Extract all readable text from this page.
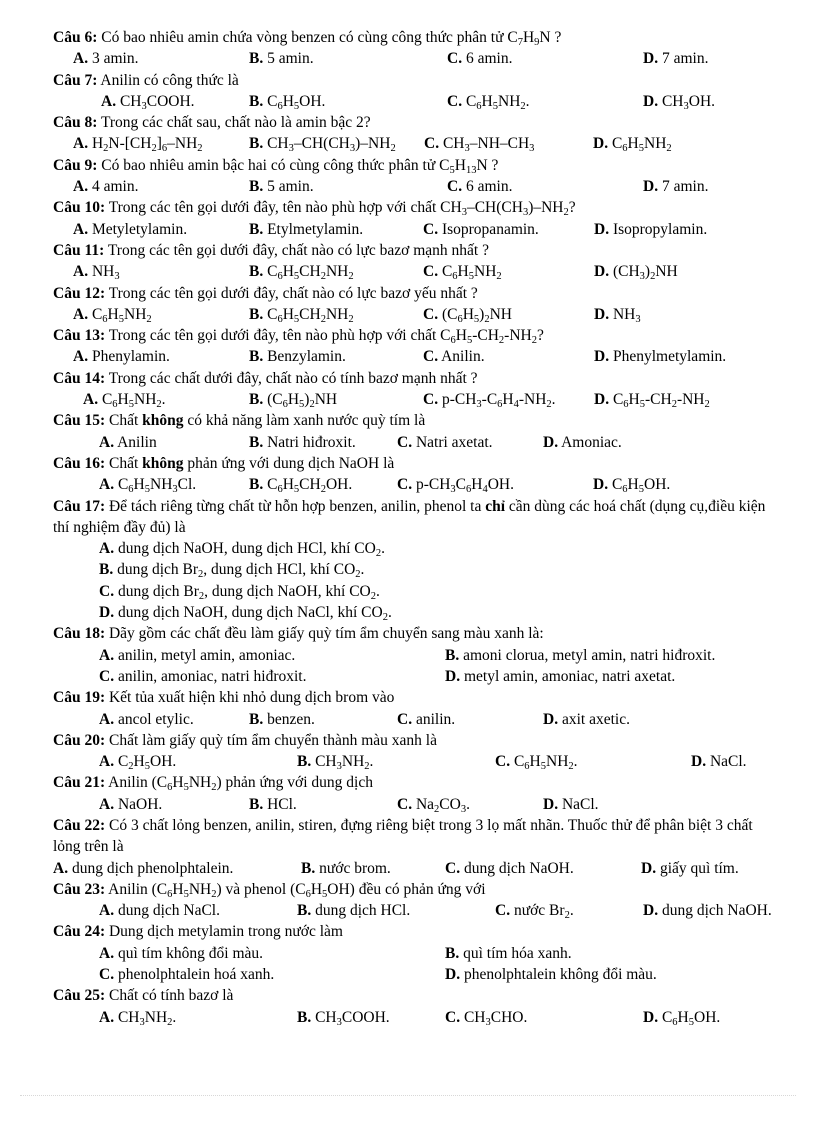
Câu 6: Có bao nhiêu amin chứa vòng benzen có cùng công thức phân tử $C_7H_9N$ ?
A. 3 amin.	B. 5 amin.	C. 6 amin.	D. 7 amin.
Câu 7: Anilin có công thức là
A. $CH_3COOH$.	B. $C_6H_5OH$.	C. $C_6H_5NH_2$.	D. $CH_3OH$.
Câu 8: Trong các chất sau, chất nào là amin bậc 2?
A. $H_2N-[CH_2]_6-NH_2$	B. $CH_3-CH(CH_3)-NH_2$ C. $CH_3-NH-CH_3$	D. $C_6H_5NH_2$
Câu 9: Có bao nhiêu amin bậc hai có cùng công thức phân tử $C_5H_{13}N$ ?
A. 4 amin.	B. 5 amin.	C. 6 amin.	D. 7 amin.
Câu 10: Trong các tên gọi dưới đây, tên nào phù hợp với chất $CH_3-CH(CH_3)-NH_2$?
A. Metyletylamin.	B. Etylmetylamin.	C. Isopropanamin.	D. Isopropylamin.
Câu 11: Trong các tên gọi dưới đây, chất nào có lực bazơ mạnh nhất ?
A. $NH_3$	B. $C_6H_5CH_2NH_2$	C. $C_6H_5NH_2$	D. $(CH_3)_2NH$
Câu 12: Trong các tên gọi dưới đây, chất nào có lực bazơ yếu nhất ?
A. $C_6H_5NH_2$	B. $C_6H_5CH_2NH_2$	C. $(C_6H_5)_2NH$	D. $NH_3$
Câu 13: Trong các tên gọi dưới đây, tên nào phù hợp với chất $C_6H_5-CH_2-NH_2$?
A. Phenylamin.	B. Benzylamin.	C. Anilin.	D. Phenylmetylamin.
Câu 14: Trong các chất dưới đây, chất nào có tính bazơ mạnh nhất ?
A. $C_6H_5NH_2$.	B. $(C_6H_5)_2NH$	C. $p-CH_3-C_6H_4-NH_2$. D. $C_6H_5-CH_2-NH_2$
Câu 15: Chất không có khả năng làm xanh nước quỳ tím là
A. Anilin	B. Natri hiđroxit.	C. Natri axetat.	D. Amoniac.
Câu 16: Chất không phản ứng với dung dịch NaOH là
A. $C_6H_5NH_3Cl$.	B. $C_6H_5CH_2OH$.	C. $p-CH_3C_6H_4OH$.	D. $C_6H_5OH$.
Câu 17: Để tách riêng từng chất từ hỗn hợp benzen, anilin, phenol ta chỉ cần dùng các hoá chất (dụng cụ,điều kiện thí nghiệm đầy đủ) là
A. dung dịch NaOH, dung dịch HCl, khí $CO_2$.
B. dung dịch $Br_2$, dung dịch HCl, khí $CO_2$.
C. dung dịch $Br_2$, dung dịch NaOH, khí $CO_2$.
D. dung dịch NaOH, dung dịch NaCl, khí $CO_2$.
Câu 18: Dãy gồm các chất đều làm giấy quỳ tím ẩm chuyển sang màu xanh là:
A. anilin, metyl amin, amoniac.	B. amoni clorua, metyl amin, natri hiđroxit.
C. anilin, amoniac, natri hiđroxit.	D. metyl amin, amoniac, natri axetat.
Câu 19: Kết tủa xuất hiện khi nhỏ dung dịch brom vào
A. ancol etylic.	B. benzen.	C. anilin.	D. axit axetic.
Câu 20: Chất làm giấy quỳ tím ẩm chuyển thành màu xanh là
A. $C_2H_5OH$.	B. $CH_3NH_2$.	C. $C_6H_5NH_2$.	D. NaCl.
Câu 21: Anilin $(C_6H_5NH_2)$ phản ứng với dung dịch
A. NaOH.	B. HCl.	C. $Na_2CO_3$.	D. NaCl.
Câu 22: Có 3 chất lỏng benzen, anilin, stiren, đựng riêng biệt trong 3 lọ mất nhãn. Thuốc thử để phân biệt 3 chất lỏng trên là
A. dung dịch phenolphtalein.	B. nước brom.	C. dung dịch NaOH.	D. giấy quì tím.
Câu 23: Anilin $(C_6H_5NH_2)$ và phenol $(C_6H_5OH)$ đều có phản ứng với
A. dung dịch NaCl.	B. dung dịch HCl.	C. nước $Br_2$.	D. dung dịch NaOH.
Câu 24: Dung dịch metylamin trong nước làm
A. quì tím không đổi màu.	B. quì tím hóa xanh.
C. phenolphtalein hoá xanh.	D. phenolphtalein không đổi màu.
Câu 25: Chất có tính bazơ là
A. $CH_3NH_2$.	B. $CH_3COOH$.	C. $CH_3CHO$.	D. $C_6H_5OH$.
